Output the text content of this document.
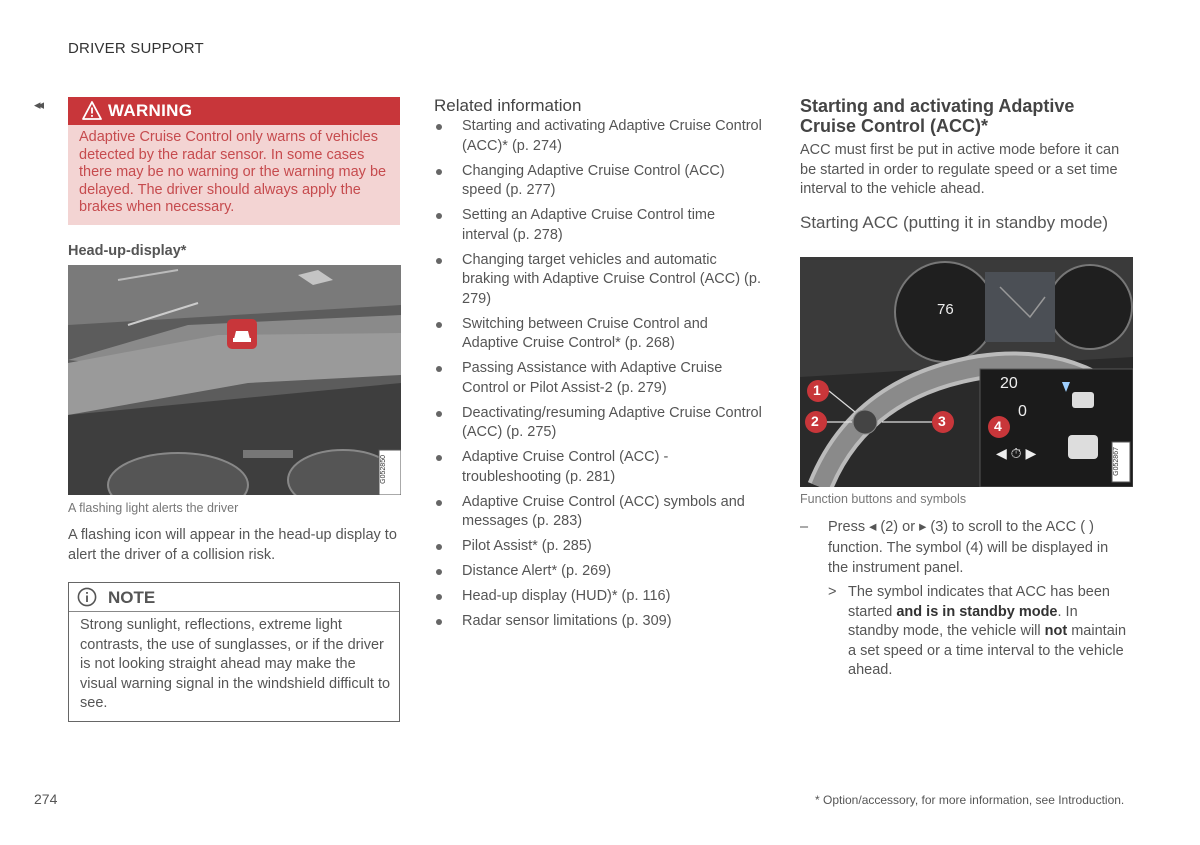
DRIVER SUPPORT
◂◂	WARNING
Adaptive Cruise Control only warns of vehicles detected by the radar sensor. In some cases there may be no warning or the warning may be delayed. The driver should always apply the brakes when necessary.
Head-up-display*
G052850
A flashing light alerts the driver
A flashing icon will appear in the head-up display to alert the driver of a collision risk.
NOTE
Strong sunlight, reflections, extreme light contrasts, the use of sunglasses, or if the driver is not looking straight ahead may make the visual warning signal in the windshield difficult to see.
Related information
Starting and activating Adaptive Cruise Control (ACC)* (p. 274)
Changing Adaptive Cruise Control (ACC) speed (p. 277)
Setting an Adaptive Cruise Control time interval (p. 278)
Changing target vehicles and automatic braking with Adaptive Cruise Control (ACC) (p. 279)
Switching between Cruise Control and Adaptive Cruise Control* (p. 268)
Passing Assistance with Adaptive Cruise Control or Pilot Assist-2 (p. 279)
Deactivating/resuming Adaptive Cruise Control (ACC) (p. 275)
Adaptive Cruise Control (ACC) - troubleshooting (p. 281)
Adaptive Cruise Control (ACC) symbols and messages (p. 283)
Pilot Assist* (p. 285)
Distance Alert* (p. 269)
Head-up display (HUD)* (p. 116)
Radar sensor limitations (p. 309)
Starting and activating Adaptive Cruise Control (ACC)*
ACC must first be put in active mode before it can be started in order to regulate speed or a set time interval to the vehicle ahead.
Starting ACC (putting it in standby mode)
76
20
0
1
2	3	4
◀ ⏱ ▶	G052867
Function buttons and symbols
– Press ◂ (2) or ▸ (3) to scroll to the ACC ( ) function. The symbol (4) will be displayed in the instrument panel.
> The symbol indicates that ACC has been started and is in standby mode. In standby mode, the vehicle will not maintain a set speed or a time interval to the vehicle ahead.
274	* Option/accessory, for more information, see Introduction.
